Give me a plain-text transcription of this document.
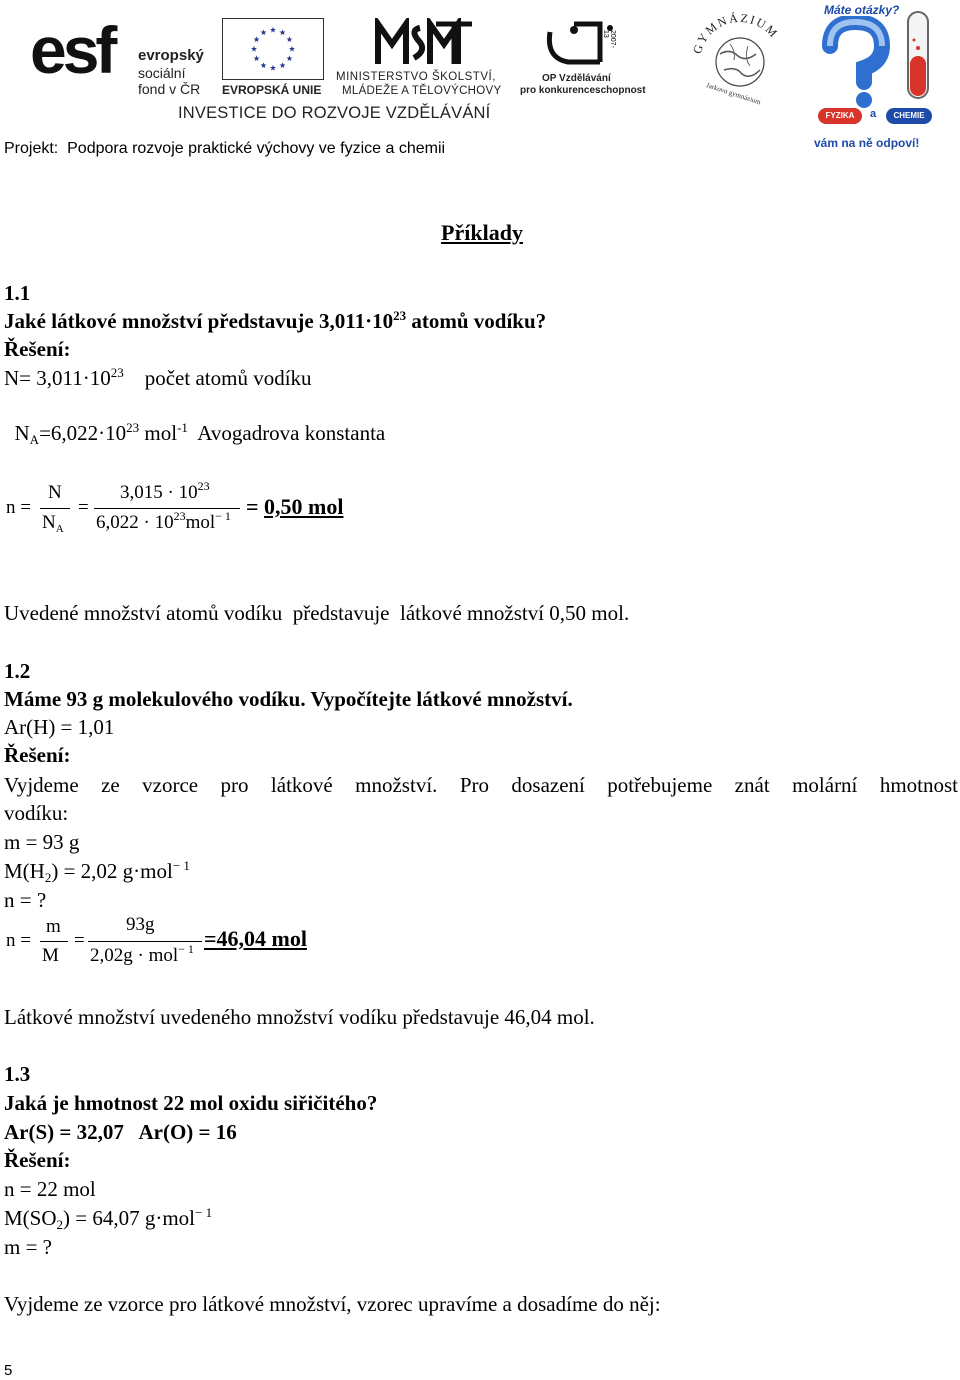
esf evropský
sociální
fond v ČR EVROPSKÁ UNIE
MINISTERSTVO ŠKOLSTVÍ,
MLÁDEŽE A TĚLOVÝCHOVY
2007-13
OP Vzdělávání
pro konkurenceschopnost
GYMNÁZIUM
Jarkovo gymnázium
Máte otázky?
FYZIKA	a	CHEMIE
vám na ně odpoví!
INVESTICE DO ROZVOJE VZDĚLÁVÁNÍ
Projekt:  Podpora rozvoje praktické výchovy ve fyzice a chemii
Příklady
1.1
Jaké látkové množství představuje $3,011\cdot 10^{23}$ atomů vodíku?
Řešení:
$N= 3,011\cdot 10^{23}$ počet atomů vodíku

$N_A=6,022\cdot 10^{23}$ mol$^{-1}$  Avogadrova konstanta

n =
N
$N_A$
=
$3,015 \cdot 10^{23}$
$6,022 \cdot 10^{23}mol^{- 1} = 0,50$ mol
Uvedené množství atomů vodíku  představuje  látkové množství 0,50 mol.
1.2
Máme 93 g molekulového vodíku. Vypočítejte látkové množství.
Ar(H) = 1,01
Řešení:
Vyjdeme ze vzorce pro látkové množství. Pro dosazení potřebujeme znát molární hmotnost
vodíku:
m = 93 g
$M(H_2) = 2,02$ g·mol$^{- 1}$
n = ?
n =
m
M
=
93g
2,02g · mol$^{- 1}$ =46,04 mol
Látkové množství uvedeného množství vodíku představuje 46,04 mol.
1.3
Jaká je hmotnost 22 mol oxidu siřičitého?
Ar(S) = 32,07   Ar(O) = 16
Řešení:
n = 22 mol
$M(SO_2) = 64,07$ g·mol$^{- 1}$
m = ?
Vyjdeme ze vzorce pro látkové množství, vzorec upravíme a dosadíme do něj:
5
